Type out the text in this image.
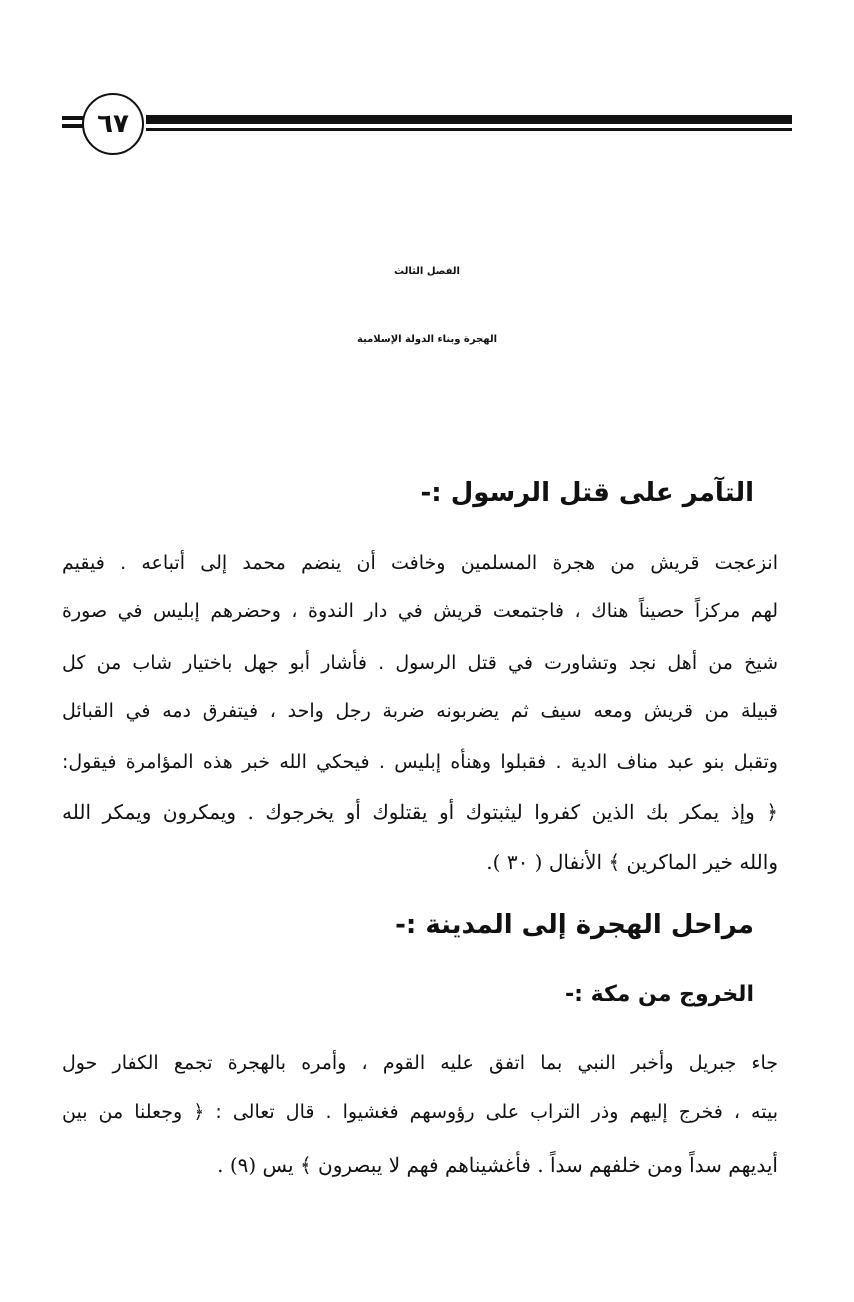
٦٧
الفصل الثالث
الهجرة وبناء الدولة الإسلامية
التآمر على قتل الرسول :-
انزعجت قريش من هجرة المسلمين وخافت أن ينضم محمد إلى أتباعه . فيقيم
لهم مركزاً حصيناً هناك ، فاجتمعت قريش في دار الندوة ، وحضرهم إبليس في صورة
شيخ من أهل نجد وتشاورت في قتل الرسول . فأشار أبو جهل باختيار شاب من كل
قبيلة من قريش ومعه سيف ثم يضربونه ضربة رجل واحد ، فيتفرق دمه في القبائل
وتقبل بنو عبد مناف الدية . فقبلوا وهنأه إبليس . فيحكي الله خبر هذه المؤامرة فيقول:
﴿ وإذ يمكر بك الذين كفروا ليثبتوك أو يقتلوك أو يخرجوك . ويمكرون ويمكر الله
والله خير الماكرين ﴾ الأنفال ( ٣٠ ).
مراحل الهجرة إلى المدينة :-
الخروج من مكة :-
جاء جبريل وأخبر النبي بما اتفق عليه القوم ، وأمره بالهجرة تجمع الكفار حول
بيته ، فخرج إليهم وذر التراب على رؤوسهم فغشيوا . قال تعالى : ﴿ وجعلنا من بين
أيديهم سداً ومن خلفهم سداً . فأغشيناهم فهم لا يبصرون ﴾ يس (٩) .
